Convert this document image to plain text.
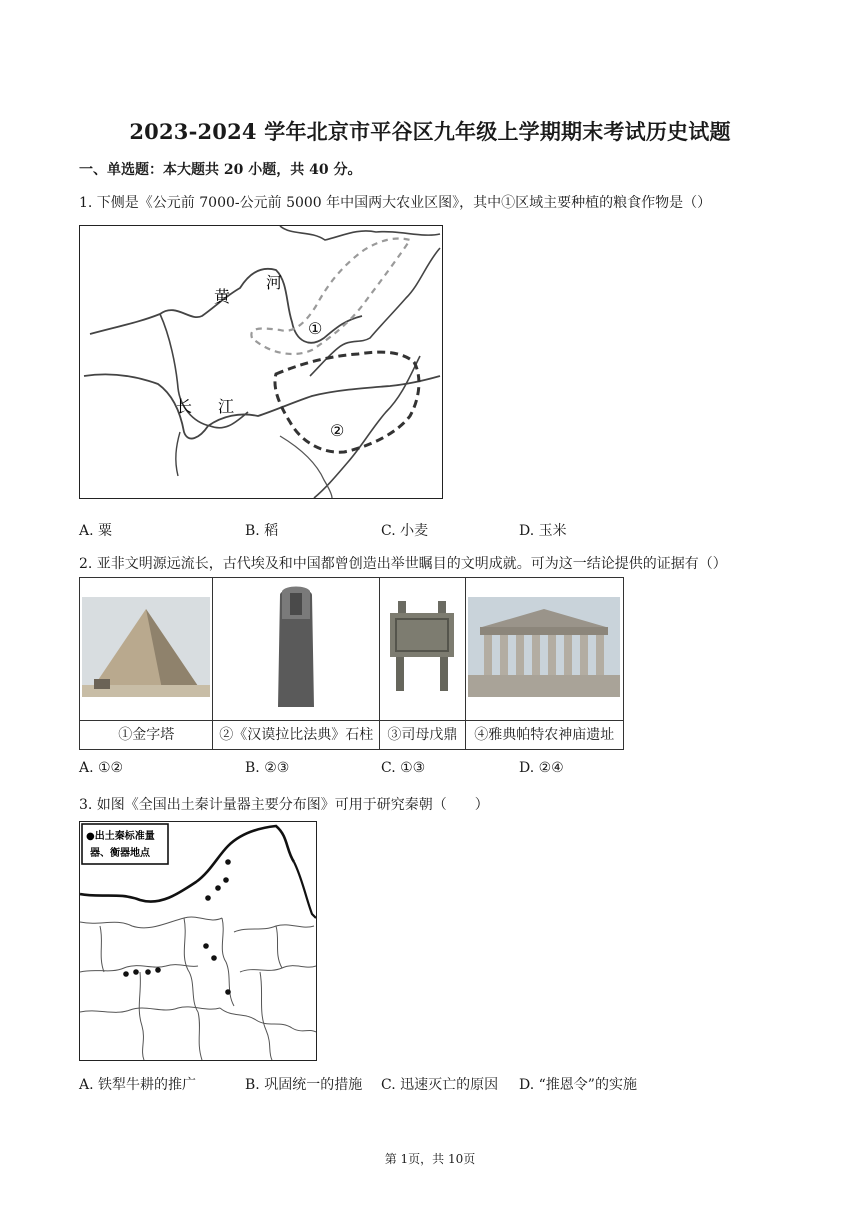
2023-2024 学年北京市平谷区九年级上学期期末考试历史试题
一、单选题：本大题共 20 小题，共 40 分。
1. 下侧是《公元前 7000-公元前 5000 年中国两大农业区图》，其中①区域主要种植的粮食作物是（）
黄
河
长 江
①
②
A. 粟	B. 稻	C. 小麦	D. 玉米
2. 亚非文明源远流长，古代埃及和中国都曾创造出举世瞩目的文明成就。可为这一结论提供的证据有（）

①金字塔	②《汉谟拉比法典》石柱	③司母戊鼎	④雅典帕特农神庙遗址
A. ①②	B. ②③	C. ①③	D. ②④
3. 如图《全国出土秦计量器主要分布图》可用于研究秦朝（　　）
●出土秦标准量
器、衡器地点
A. 铁犁牛耕的推广	B. 巩固统一的措施 C. 迅速灭亡的原因 D. “推恩令”的实施
第 1页，共 10页
